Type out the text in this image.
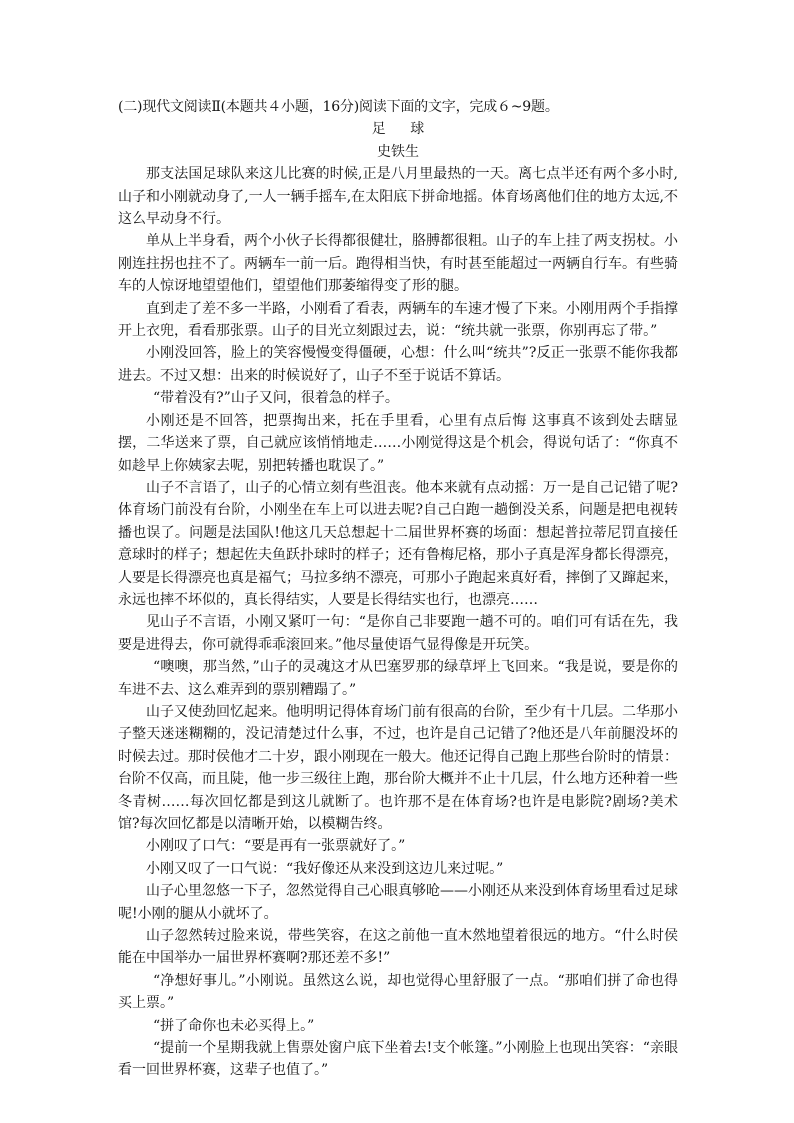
(二)现代文阅读Ⅱ(本题共４小题，16分)阅读下面的文字，完成６~9题。

足 球

史铁生

那支法国足球队来这儿比赛的时候,正是八月里最热的一天。离七点半还有两个多小时,山子和小刚就动身了,一人一辆手摇车,在太阳底下拼命地摇。体育场离他们住的地方太远,不这么早动身不行。

单从上半身看，两个小伙子长得都很健壮，胳膊都很粗。山子的车上挂了两支拐杖。小刚连拄拐也拄不了。两辆车一前一后。跑得相当快，有时甚至能超过一两辆自行车。有些骑车的人惊讶地望望他们，望望他们那萎缩得变了形的腿。

直到走了差不多一半路，小刚看了看表，两辆车的车速才慢了下来。小刚用两个手指撑开上衣兜，看看那张票。山子的目光立刻跟过去，说：“统共就一张票，你别再忘了带。”

小刚没回答，脸上的笑容慢慢变得僵硬，心想：什么叫“统共”?反正一张票不能你我都进去。不过又想：出来的时候说好了，山子不至于说话不算话。

“带着没有?”山子又问，很着急的样子。

小刚还是不回答，把票掏出来，托在手里看，心里有点后悔 这事真不该到处去瞎显摆，二华送来了票，自己就应该悄悄地走……小刚觉得这是个机会，得说句话了：“你真不如趁早上你姨家去呢，别把转播也耽误了。”

山子不言语了，山子的心情立刻有些沮丧。他本来就有点动摇：万一是自己记错了呢?体育场门前没有台阶，小刚坐在车上可以进去呢?自己白跑一趟倒没关系，问题是把电视转播也误了。问题是法国队!他这几天总想起十二届世界杯赛的场面：想起普拉蒂尼罚直接任意球时的样子；想起佐夫鱼跃扑球时的样子；还有鲁梅尼格，那小子真是浑身都长得漂亮，人要是长得漂亮也真是福气；马拉多纳不漂亮，可那小子跑起来真好看，摔倒了又蹿起来，永远也摔不坏似的，真长得结实，人要是长得结实也行，也漂亮……

见山子不言语，小刚又紧叮一句：“是你自己非要跑一趟不可的。咱们可有话在先，我要是进得去，你可就得乖乖滚回来。”他尽量使语气显得像是开玩笑。

“噢噢，那当然，”山子的灵魂这才从巴塞罗那的绿草坪上飞回来。“我是说，要是你的车进不去、这么难弄到的票别糟蹋了。”

山子又使劲回忆起来。他明明记得体育场门前有很高的台阶，至少有十几层。二华那小子整天迷迷糊糊的，没记清楚过什么事，不过，也许是自己记错了?他还是八年前腿没坏的时候去过。那时侯他才二十岁，跟小刚现在一般大。他还记得自己跑上那些台阶时的情景：台阶不仅高，而且陡，他一步三级往上跑，那台阶大概并不止十几层，什么地方还种着一些冬青树……每次回忆都是到这儿就断了。也许那不是在体育场?也许是电影院?剧场?美术馆?每次回忆都是以清晰开始，以模糊告终。

小刚叹了口气：“要是再有一张票就好了。”

小刚又叹了一口气说：“我好像还从来没到这边儿来过呢。”

山子心里忽悠一下子，忽然觉得自己心眼真够呛——小刚还从来没到体育场里看过足球呢!小刚的腿从小就坏了。

山子忽然转过脸来说，带些笑容，在这之前他一直木然地望着很远的地方。“什么时侯能在中国举办一届世界杯赛啊?那还差不多!”

“净想好事儿。”小刚说。虽然这么说，却也觉得心里舒服了一点。“那咱们拼了命也得买上票。”

“拼了命你也未必买得上。”

“提前一个星期我就上售票处窗户底下坐着去!支个帐篷。”小刚脸上也现出笑容：“亲眼看一回世界杯赛，这辈子也值了。”
